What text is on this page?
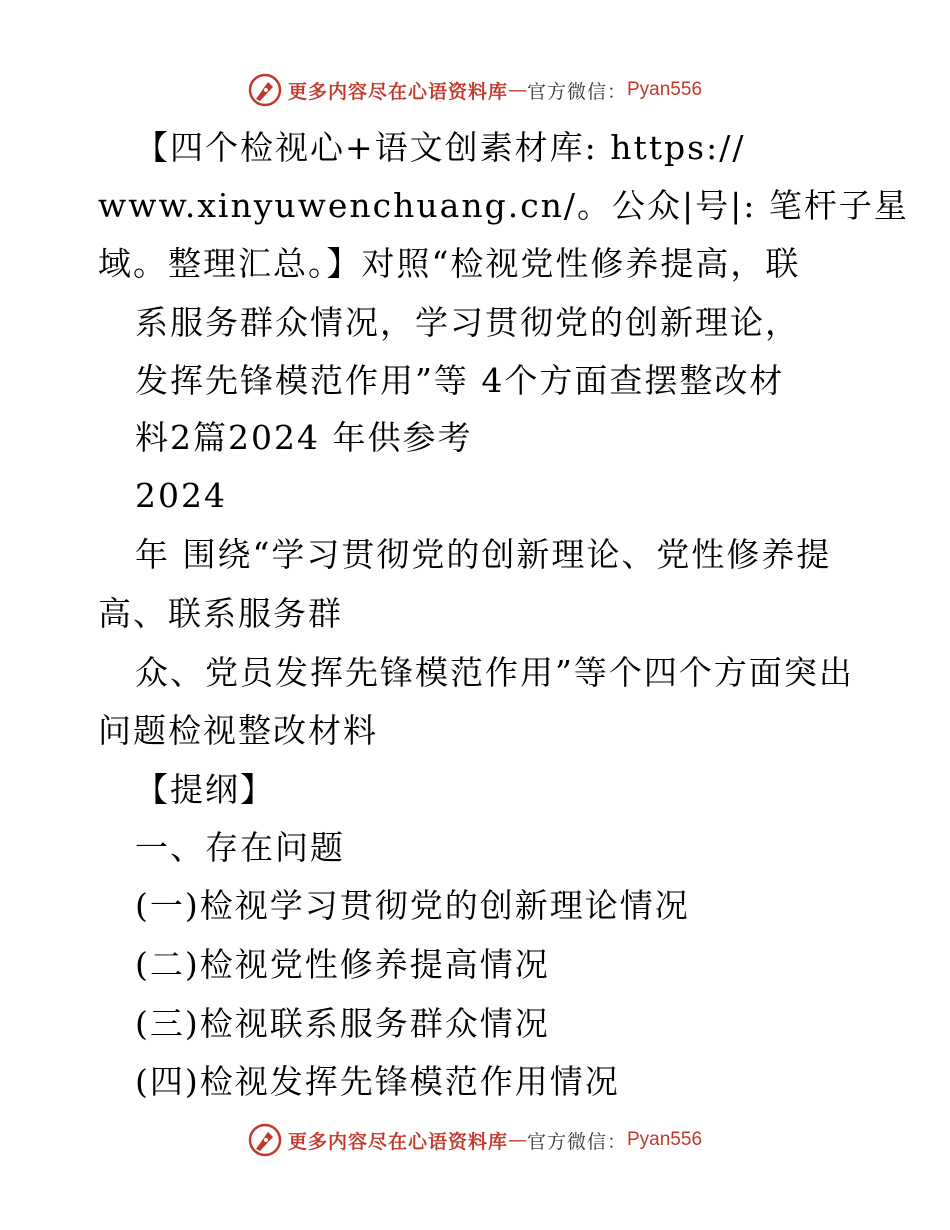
更多内容尽在心语资料库 — 官方微信： Pyan556
【四个检视心+语文创素材库: https://
www.xinyuwenchuang.cn/。公众|号|: 笔杆子星
域。整理汇总。】对照“检视党性修养提高，联
系服务群众情况，学习贯彻党的创新理论，
发挥先锋模范作用”等 4个方面查摆整改材
料2篇2024 年供参考
2024
年 围绕“学习贯彻党的创新理论、党性修养提
高、联系服务群
众、党员发挥先锋模范作用”等个四个方面突出
问题检视整改材料
【提纲】
一、存在问题
(一)检视学习贯彻党的创新理论情况
(二)检视党性修养提高情况
(三)检视联系服务群众情况
(四)检视发挥先锋模范作用情况
更多内容尽在心语资料库 — 官方微信： Pyan556
